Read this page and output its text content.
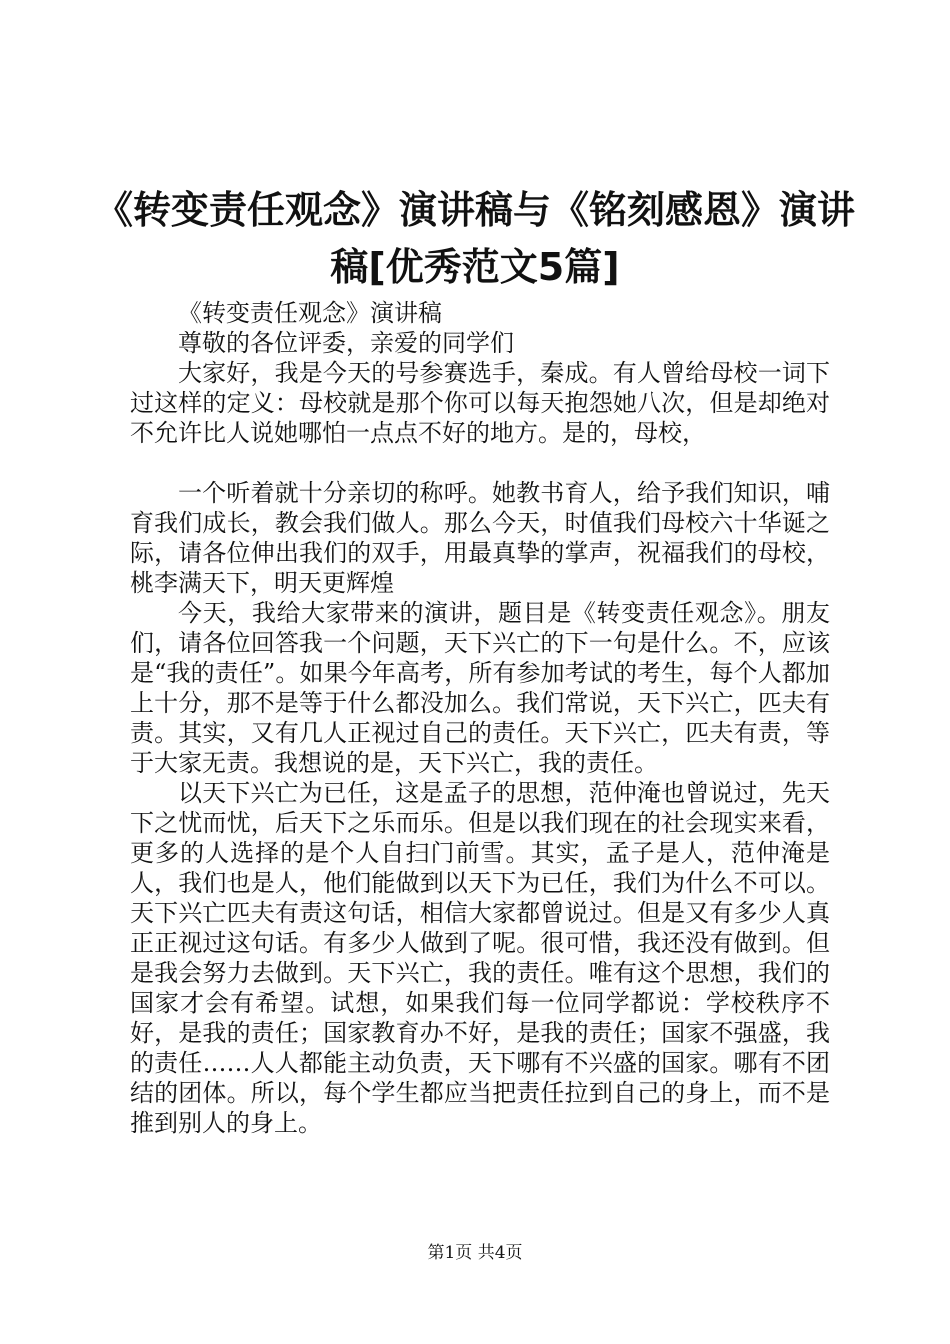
《转变责任观念》演讲稿与《铭刻感恩》演讲
稿[优秀范文5篇]

《转变责任观念》演讲稿

尊敬的各位评委，亲爱的同学们

大家好，我是今天的号参赛选手，秦成。有人曾给母校一词下过这样的定义：母校就是那个你可以每天抱怨她八次，但是却绝对不允许比人说她哪怕一点点不好的地方。是的，母校，

一个听着就十分亲切的称呼。她教书育人，给予我们知识，哺育我们成长，教会我们做人。那么今天，时值我们母校六十华诞之际，请各位伸出我们的双手，用最真挚的掌声，祝福我们的母校，桃李满天下，明天更辉煌

今天，我给大家带来的演讲，题目是《转变责任观念》。朋友们，请各位回答我一个问题，天下兴亡的下一句是什么。不，应该是“我的责任”。如果今年高考，所有参加考试的考生，每个人都加上十分，那不是等于什么都没加么。我们常说，天下兴亡，匹夫有责。其实，又有几人正视过自己的责任。天下兴亡，匹夫有责，等于大家无责。我想说的是，天下兴亡，我的责任。

以天下兴亡为已任，这是孟子的思想，范仲淹也曾说过，先天下之忧而忧，后天下之乐而乐。但是以我们现在的社会现实来看，更多的人选择的是个人自扫门前雪。其实，孟子是人，范仲淹是人，我们也是人，他们能做到以天下为已任，我们为什么不可以。天下兴亡匹夫有责这句话，相信大家都曾说过。但是又有多少人真正正视过这句话。有多少人做到了呢。很可惜，我还没有做到。但是我会努力去做到。天下兴亡，我的责任。唯有这个思想，我们的国家才会有希望。试想，如果我们每一位同学都说：学校秩序不好，是我的责任；国家教育办不好，是我的责任；国家不强盛，我的责任……人人都能主动负责，天下哪有不兴盛的国家。哪有不团结的团体。所以，每个学生都应当把责任拉到自己的身上，而不是推到别人的身上。

第1页 共4页
